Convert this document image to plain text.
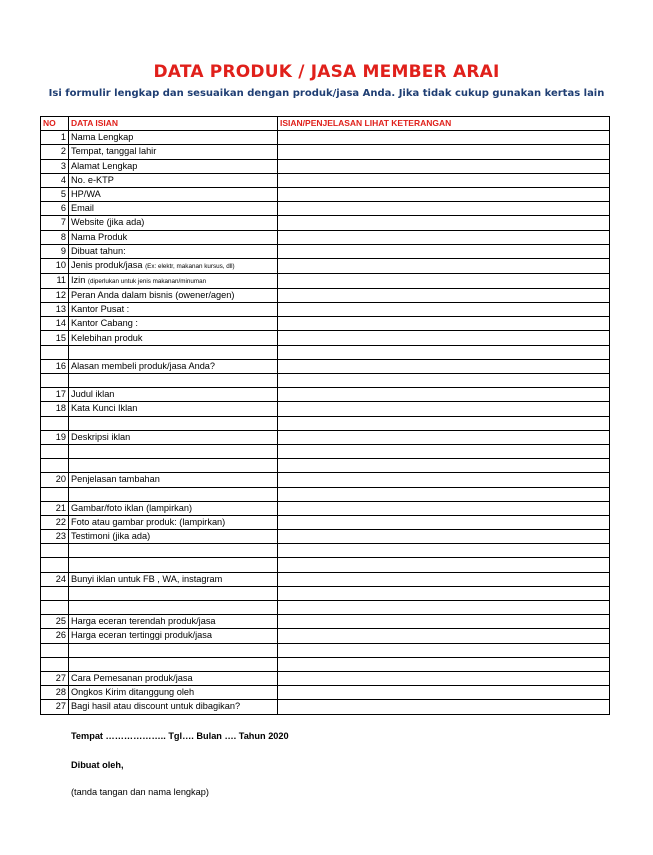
DATA PRODUK / JASA MEMBER ARAI
Isi formulir lengkap dan sesuaikan dengan produk/jasa Anda. Jika tidak cukup gunakan kertas lain
NO	DATA ISIAN	ISIAN/PENJELASAN LIHAT KETERANGAN
1	Nama Lengkap	
2	Tempat, tanggal lahir	
3	Alamat Lengkap	
4	No. e-KTP	
5	HP/WA	
6	Email	
7	Website (jika ada)	
8	Nama Produk	
9	Dibuat tahun:	
10	Jenis produk/jasa (Ex: elektr, makanan kursus, dll)	
11	Izin (diperlukan untuk jenis makanan/minuman	
12	Peran Anda dalam bisnis (owener/agen)	
13	Kantor Pusat :	
14	Kantor Cabang :	
15	Kelebihan produk	

16	Alasan membeli produk/jasa Anda?	

17	Judul iklan	
18	Kata Kunci Iklan	

19	Deskripsi iklan	

20	Penjelasan tambahan	

21	Gambar/foto iklan (lampirkan)	
22	Foto atau gambar produk: (lampirkan)	
23	Testimoni (jika ada)	

24	Bunyi iklan untuk FB , WA, instagram	

25	Harga eceran terendah produk/jasa	
26	Harga eceran tertinggi produk/jasa	

27	Cara Pemesanan produk/jasa	
28	Ongkos Kirim ditanggung oleh	
27	Bagi hasil atau discount untuk dibagikan?	
Tempat ……………….. Tgl…. Bulan …. Tahun 2020
Dibuat oleh,
(tanda tangan dan nama lengkap)
